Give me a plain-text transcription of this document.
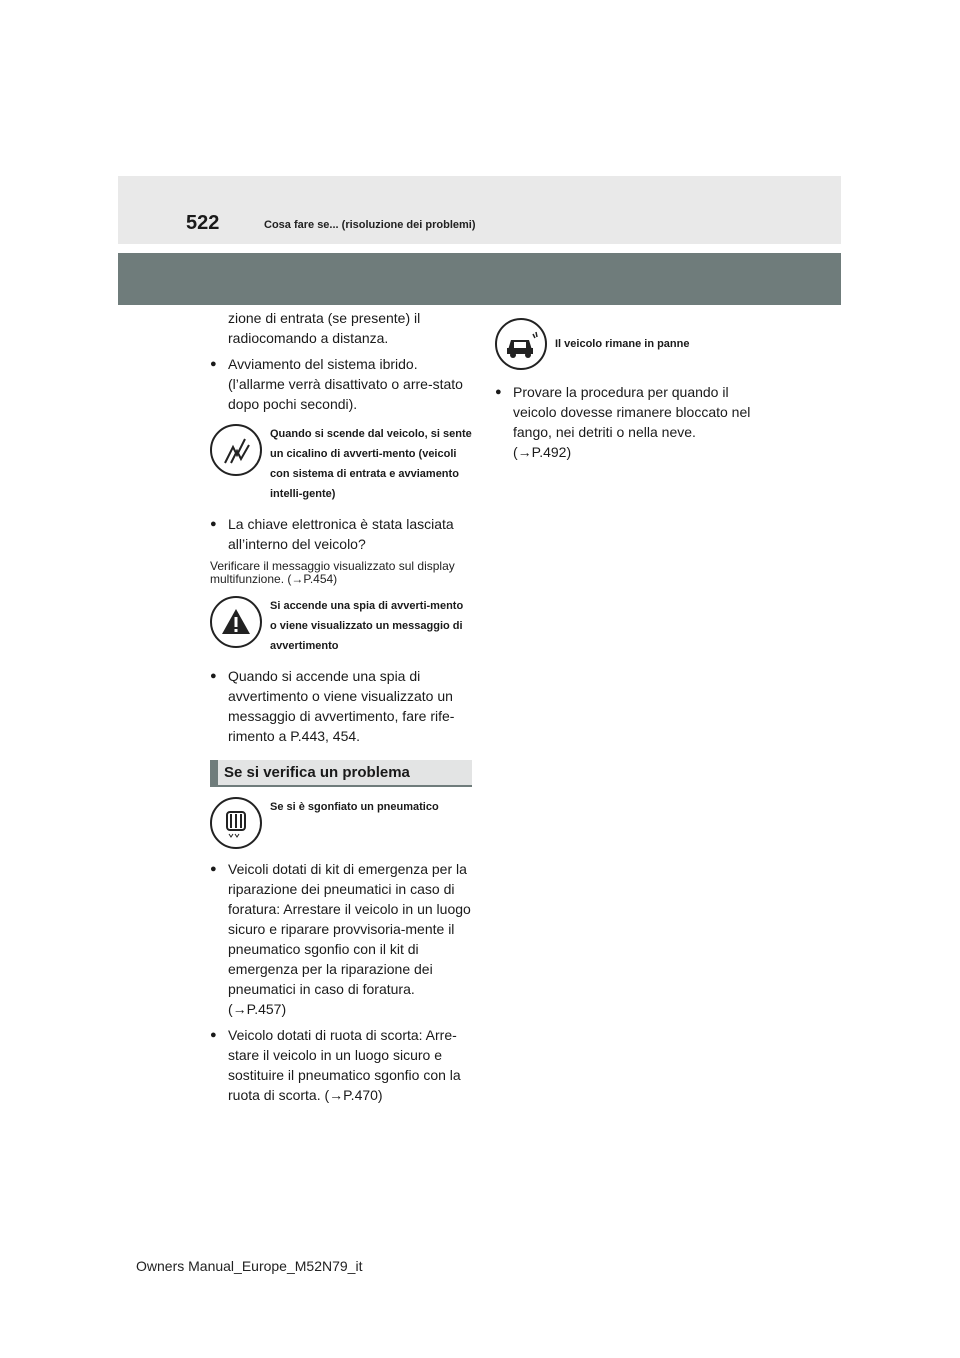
522	Cosa fare se... (risoluzione dei problemi)

zione di entrata (se presente) il radiocomando a distanza.

● Avviamento del sistema ibrido. (l’allarme verrà disattivato o arre-stato dopo pochi secondi).

Quando si scende dal veicolo, si sente un cicalino di avverti-mento (veicoli con sistema di entrata e avviamento intelli-gente)

● La chiave elettronica è stata lasciata all’interno del veicolo?

Verificare il messaggio visualizzato sul display multifunzione. (→P.454)

Si accende una spia di avverti-mento o viene visualizzato un messaggio di avvertimento

● Quando si accende una spia di avvertimento o viene visualizzato un messaggio di avvertimento, fare rife-rimento a P.443, 454.

Se si verifica un problema
Se si è sgonfiato un pneumatico

● Veicoli dotati di kit di emergenza per la riparazione dei pneumatici in caso di foratura: Arrestare il veicolo in un luogo sicuro e riparare provvisoria-mente il pneumatico sgonfio con il kit di emergenza per la riparazione dei pneumatici in caso di foratura. (→P.457)

● Veicolo dotati di ruota di scorta: Arre-stare il veicolo in un luogo sicuro e sostituire il pneumatico sgonfio con la ruota di scorta. (→P.470)

Il veicolo rimane in panne

● Provare la procedura per quando il veicolo dovesse rimanere bloccato nel fango, nei detriti o nella neve. (→P.492)

Owners Manual_Europe_M52N79_it
